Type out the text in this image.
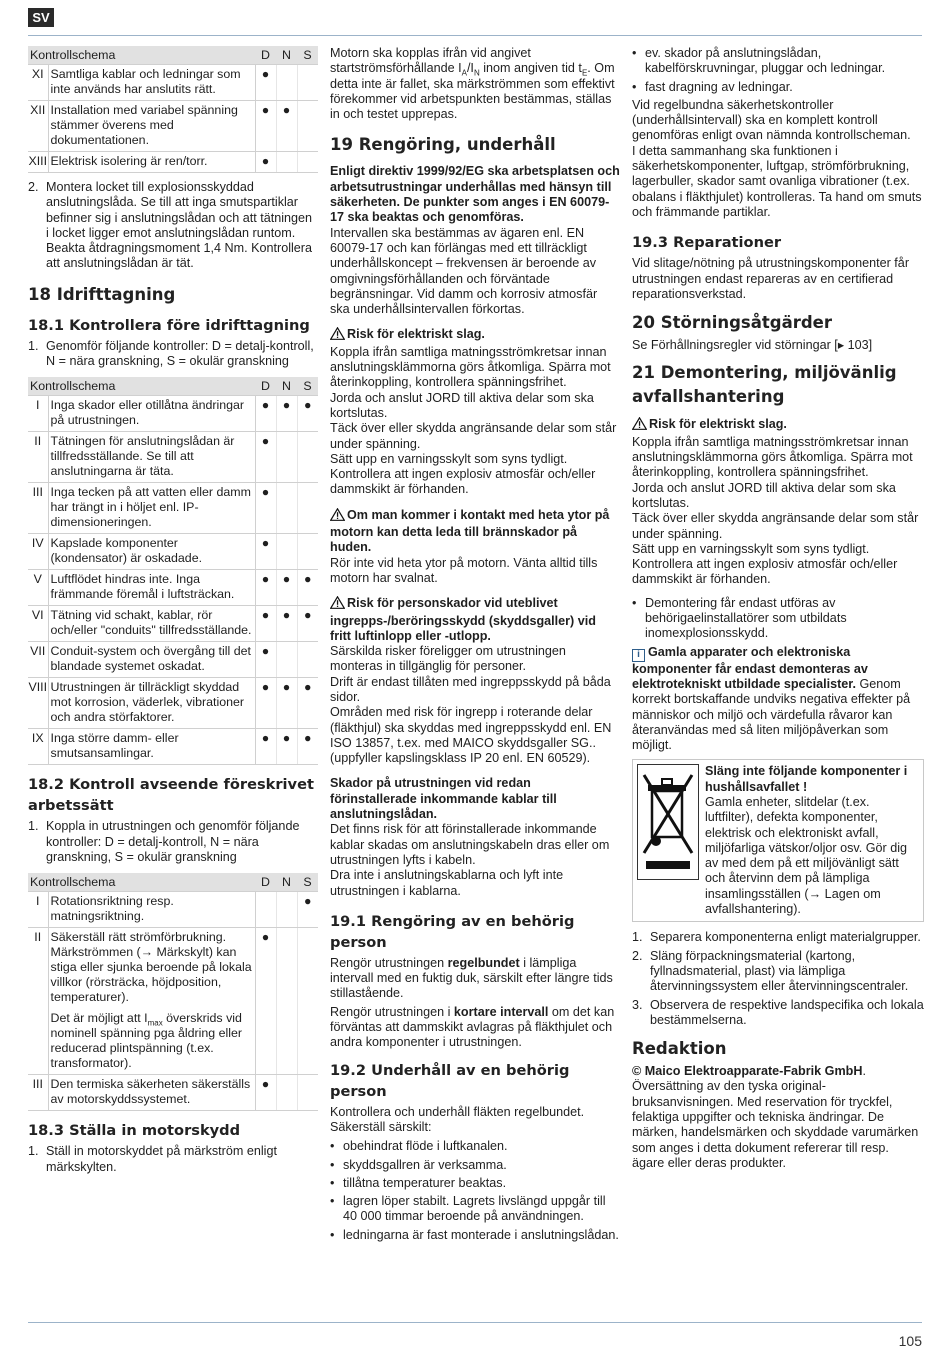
SV
Kontrollschema		D	N	S
XI	Samtliga kablar och ledningar som inte används har anslutits rätt.	●		
XII	Installation med variabel spänning stämmer överens med dokumentationen.	●	●	
XIII	Elektrisk isolering är ren/torr.	●		
2. Montera locket till explosionsskyddad anslutningslåda. Se till att inga smutspartiklar befinner sig i anslutningslådan och att tätningen i locket ligger emot anslutningslådan runtom. Beakta åtdragningsmoment 1,4 Nm. Kontrollera att anslutningslådan är tät.
18 Idrifttagning
18.1 Kontrollera före idrifttagning
1. Genomför följande kontroller: D = detalj-kontroll, N = nära granskning, S = okulär granskning
Kontrollschema		D	N	S
I	Inga skador eller otillåtna ändringar på utrustningen.	●	●	●
II	Tätningen för anslutningslådan är tillfredsställande. Se till att anslutningarna är täta.	●		
III	Inga tecken på att vatten eller damm har trängt in i höljet enl. IP-dimensioneringen.	●		
IV	Kapslade komponenter (kondensator) är oskadade.	●		
V	Luftflödet hindras inte. Inga främmande föremål i luftsträckan.	●	●	●
VI	Tätning vid schakt, kablar, rör och/eller "conduits" tillfredsställande.	●	●	●
VII	Conduit-system och övergång till det blandade systemet oskadat.	●		
VIII	Utrustningen är tillräckligt skyddad mot korrosion, väderlek, vibrationer och andra störfaktorer.	●	●	●
IX	Inga större damm- eller smutsansamlingar.	●	●	●
18.2 Kontroll avseende föreskrivet arbetssätt
1. Koppla in utrustningen och genomför följande kontroller: D = detalj-kontroll, N = nära granskning, S = okulär granskning
Kontrollschema		D	N	S
I	Rotationsriktning resp. matningsriktning.			●
II	Säkerställ rätt strömförbrukning. Märkströmmen (→ Märkskylt) kan stiga eller sjunka beroende på lokala villkor (rörsträcka, höjdposition, temperaturer).

Det är möjligt att $I_{max}$ överskrids vid nominell spänning pga åldring eller reducerad plintspänning (t.ex. transformator).	●		
III	Den termiska säkerheten säkerställs av motorskyddssystemet.	●		
18.3 Ställa in motorskydd
1. Ställ in motorskyddet på märkström enligt märkskylten.

Motorn ska kopplas ifrån vid angivet startströmsförhållande $I_A/I_N$ inom angiven tid $t_E$. Om detta inte är fallet, ska märkströmmen som effektivt förekommer vid arbetspunkten bestämmas, ställas in och testet upprepas.

19 Rengöring, underhåll

Enligt direktiv 1999/92/EG ska arbetsplatsen och arbetsutrustningar underhållas med hänsyn till säkerheten. De punkter som anges i EN 60079-17 ska beaktas och genomföras.

Intervallen ska bestämmas av ägaren enl. EN 60079-17 och kan förlängas med ett tillräckligt underhållskoncept – frekvensen är beroende av omgivningsförhållanden och förväntade begränsningar. Vid damm och korrosiv atmosfär ska underhållsintervallen förkortas.

Risk för elektriskt slag.

Koppla ifrån samtliga matningsströmkretsar innan anslutningsklämmorna görs åtkomliga. Spärra mot återinkoppling, kontrollera spänningsfrihet.
Jorda och anslut JORD till aktiva delar som ska kortslutas.
Täck över eller skydda angränsande delar som står under spänning.
Sätt upp en varningsskylt som syns tydligt. Kontrollera att ingen explosiv atmosfär och/eller dammskikt är förhanden.

Om man kommer i kontakt med heta ytor på motorn kan detta leda till brännskador på huden.

Rör inte vid heta ytor på motorn. Vänta alltid tills motorn har svalnat.

Risk för personskador vid uteblivet ingrepps-/beröringsskydd (skyddsgaller) vid fritt luftinlopp eller -utlopp.

Särskilda risker föreligger om utrustningen monteras in tillgänglig för personer.
Drift är endast tillåten med ingreppsskydd på båda sidor.
Områden med risk för ingrepp i roterande delar (fläkthjul) ska skyddas med ingreppsskydd enl. EN ISO 13857, t.ex. med MAICO skyddsgaller SG.. (uppfyller kapslingsklass IP 20 enl. EN 60529).

Skador på utrustningen vid redan förinstallerade inkommande kablar till anslutningslådan.

Det finns risk för att förinstallerade inkommande kablar skadas om anslutningskabeln dras eller om utrustningen lyfts i kabeln.
Dra inte i anslutningskablarna och lyft inte utrustningen i kablarna.

19.1 Rengöring av en behörig person

Rengör utrustningen regelbundet i lämpliga intervall med en fuktig duk, särskilt efter längre tids stillastående.

Rengör utrustningen i kortare intervall om det kan förväntas att dammskikt avlagras på fläkthjulet och andra komponenter i utrustningen.

19.2 Underhåll av en behörig person

Kontrollera och underhåll fläkten regelbundet. Säkerställ särskilt:

• obehindrat flöde i luftkanalen.
• skyddsgallren är verksamma.
• tillåtna temperaturer beaktas.
• lagren löper stabilt. Lagrets livslängd uppgår till 40 000 timmar beroende på användningen.
• ledningarna är fast monterade i anslutningslådan.
• ev. skador på anslutningslådan, kabelförskruvningar, pluggar och ledningar.
• fast dragning av ledningar.

Vid regelbundna säkerhetskontroller (underhållsintervall) ska en komplett kontroll genomföras enligt ovan nämnda kontrollscheman.
I detta sammanhang ska funktionen i säkerhetskomponenter, luftgap, strömförbrukning, lagerbuller, skador samt ovanliga vibrationer (t.ex. obalans i fläkthjulet) kontrolleras. Ta hand om smuts och främmande partiklar.

19.3 Reparationer

Vid slitage/nötning på utrustningskomponenter får utrustningen endast repareras av en certifierad reparationsverkstad.

20 Störningsåtgärder

Se Förhållningsregler vid störningar [▸ 103]

21 Demontering, miljövänlig avfallshantering

Risk för elektriskt slag.

Koppla ifrån samtliga matningsströmkretsar innan anslutningsklämmorna görs åtkomliga. Spärra mot återinkoppling, kontrollera spänningsfrihet.
Jorda och anslut JORD till aktiva delar som ska kortslutas.
Täck över eller skydda angränsande delar som står under spänning.
Sätt upp en varningsskylt som syns tydligt. Kontrollera att ingen explosiv atmosfär och/eller dammskikt är förhanden.

• Demontering får endast utföras av behörigaelinstallatörer som utbildats inomexplosionsskydd.

i Gamla apparater och elektroniska komponenter får endast demonteras av elektrotekniskt utbildade specialister. Genom korrekt bortskaffande undviks negativa effekter på människor och miljö och värdefulla råvaror kan återanvändas med så liten miljöpåverkan som möjligt.

Släng inte följande komponenter i hushållsavfallet !

Gamla enheter, slitdelar (t.ex. luftfilter), defekta komponenter, elektrisk och elektroniskt avfall, miljöfarliga vätskor/oljor osv. Gör dig av med dem på ett miljövänligt sätt och återvinn dem på lämpliga insamlingsställen (→ Lagen om avfallshantering).

1. Separera komponenterna enligt materialgrupper.
2. Släng förpackningsmaterial (kartong, fyllnadsmaterial, plast) via lämpliga återvinningssystem eller återvinningscentraler.
3. Observera de respektive landspecifika och lokala bestämmelserna.
Redaktion

© Maico Elektroapparate-Fabrik GmbH. Översättning av den tyska original-bruksanvisningen. Med reservation för tryckfel, felaktiga uppgifter och tekniska ändringar. De märken, handelsmärken och skyddade varumärken som anges i detta dokument refererar till resp. ägare eller deras produkter.

105
